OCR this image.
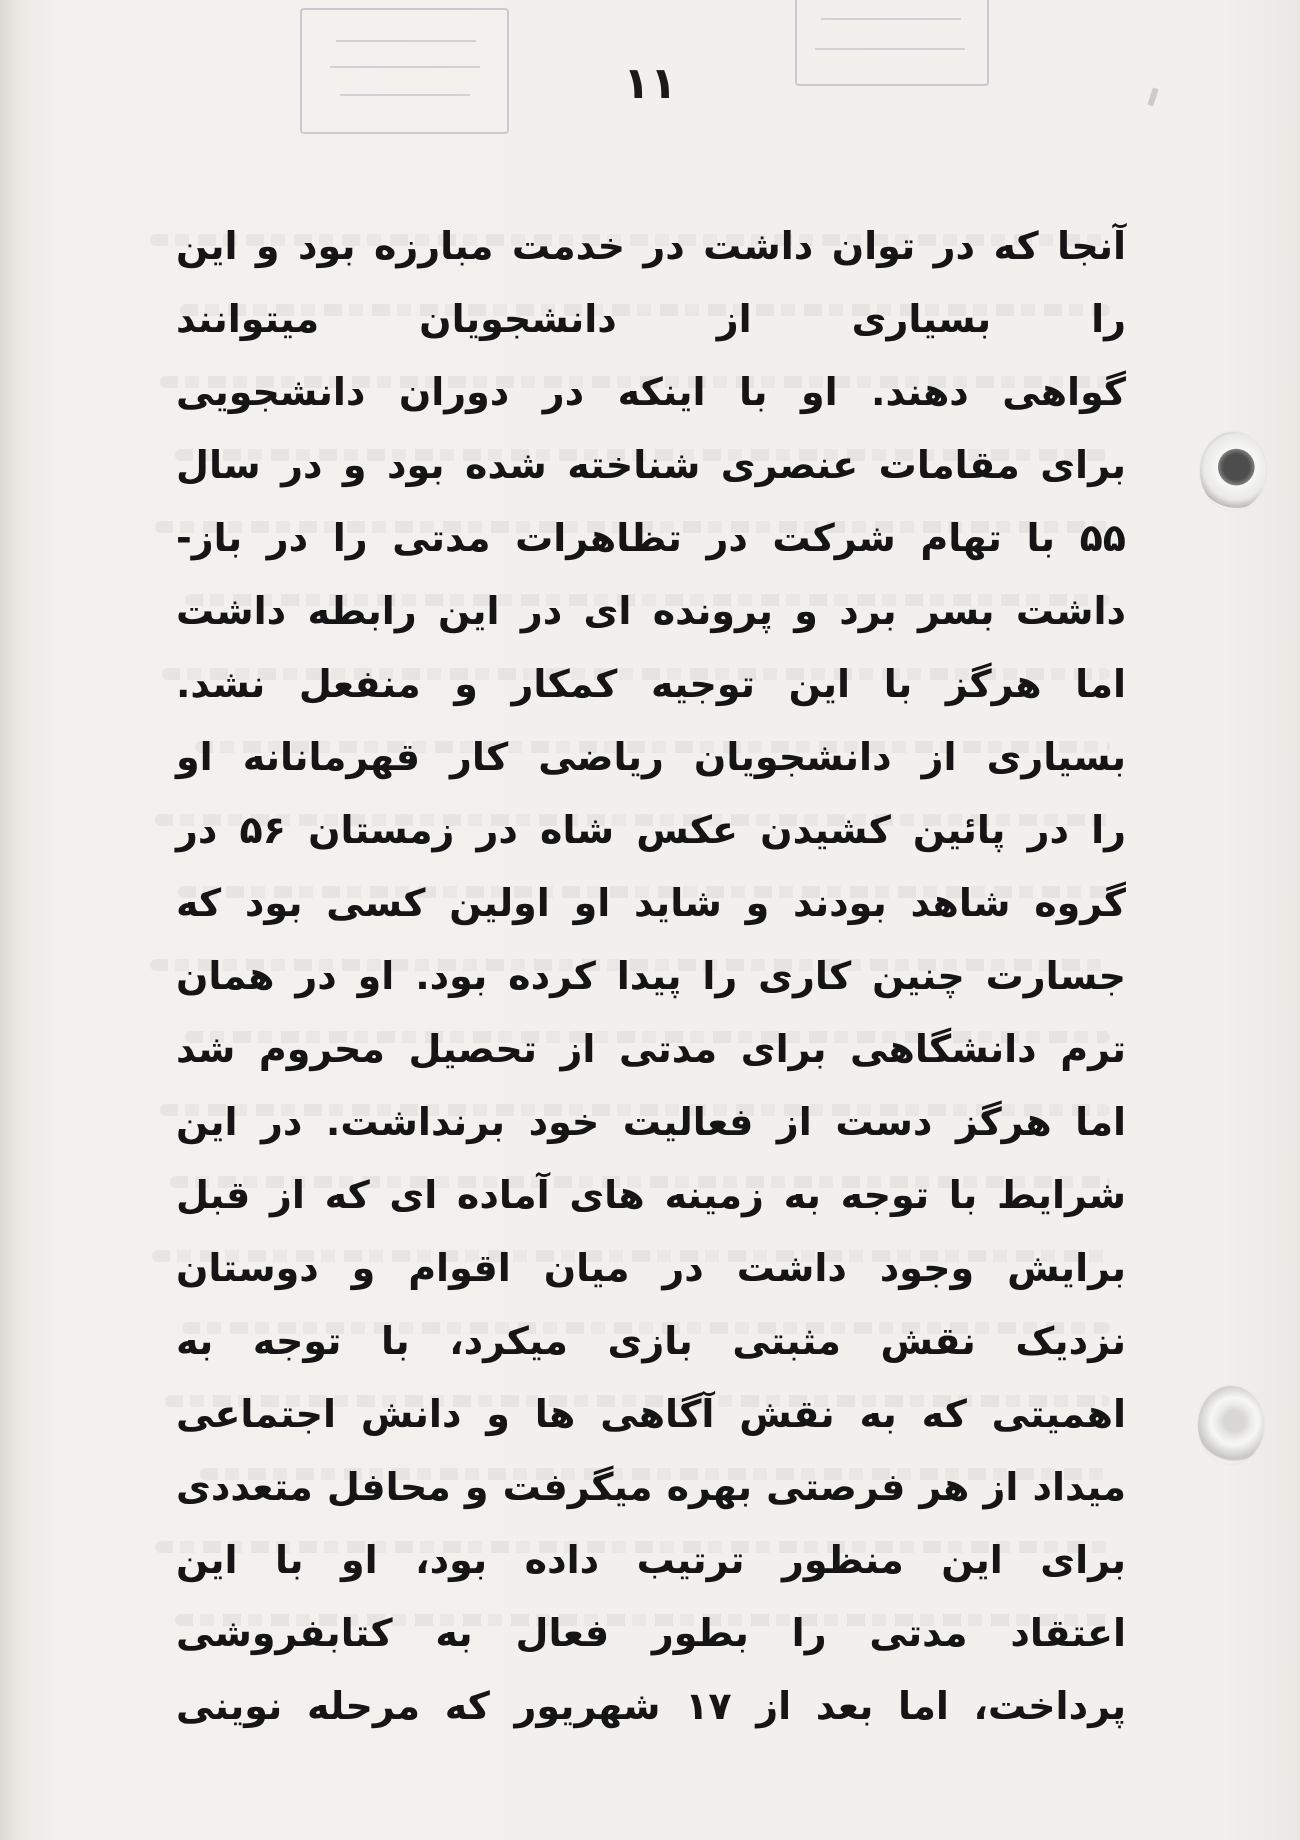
۱۱
آنجا که در توان داشت در خدمت مبارزه بود و این
را بسیاری از دانشجویان میتوانند
گواهی دهند. او با اینکه در دوران دانشجویی
برای مقامات عنصری شناخته شده بود و در سال
۵۵ با تهام شرکت در تظاهرات مدتی را در باز-
داشت بسر برد و پرونده ای در این رابطه داشت
اما هرگز با این توجیه کمکار و منفعل نشد.
بسیاری از دانشجویان ریاضی کار قهرمانانه او
را در پائین کشیدن عکس شاه در زمستان ۵۶ در
گروه شاهد بودند و شاید او اولین کسی بود که
جسارت چنین کاری را پیدا کرده بود. او در همان
ترم دانشگاهی برای مدتی از تحصیل محروم شد
اما هرگز دست از فعالیت خود برنداشت. در این
شرایط با توجه به زمینه های آماده ای که از قبل
برایش وجود داشت در میان اقوام و دوستان
نزدیک نقش مثبتی بازی میکرد، با توجه به
اهمیتی که به نقش آگاهی ها و دانش اجتماعی
میداد از هر فرصتی بهره میگرفت و محافل متعددی
برای این منظور ترتیب داده بود، او با این
اعتقاد مدتی را بطور فعال به کتابفروشی
پرداخت، اما بعد از ۱۷ شهریور که مرحله نوینی
